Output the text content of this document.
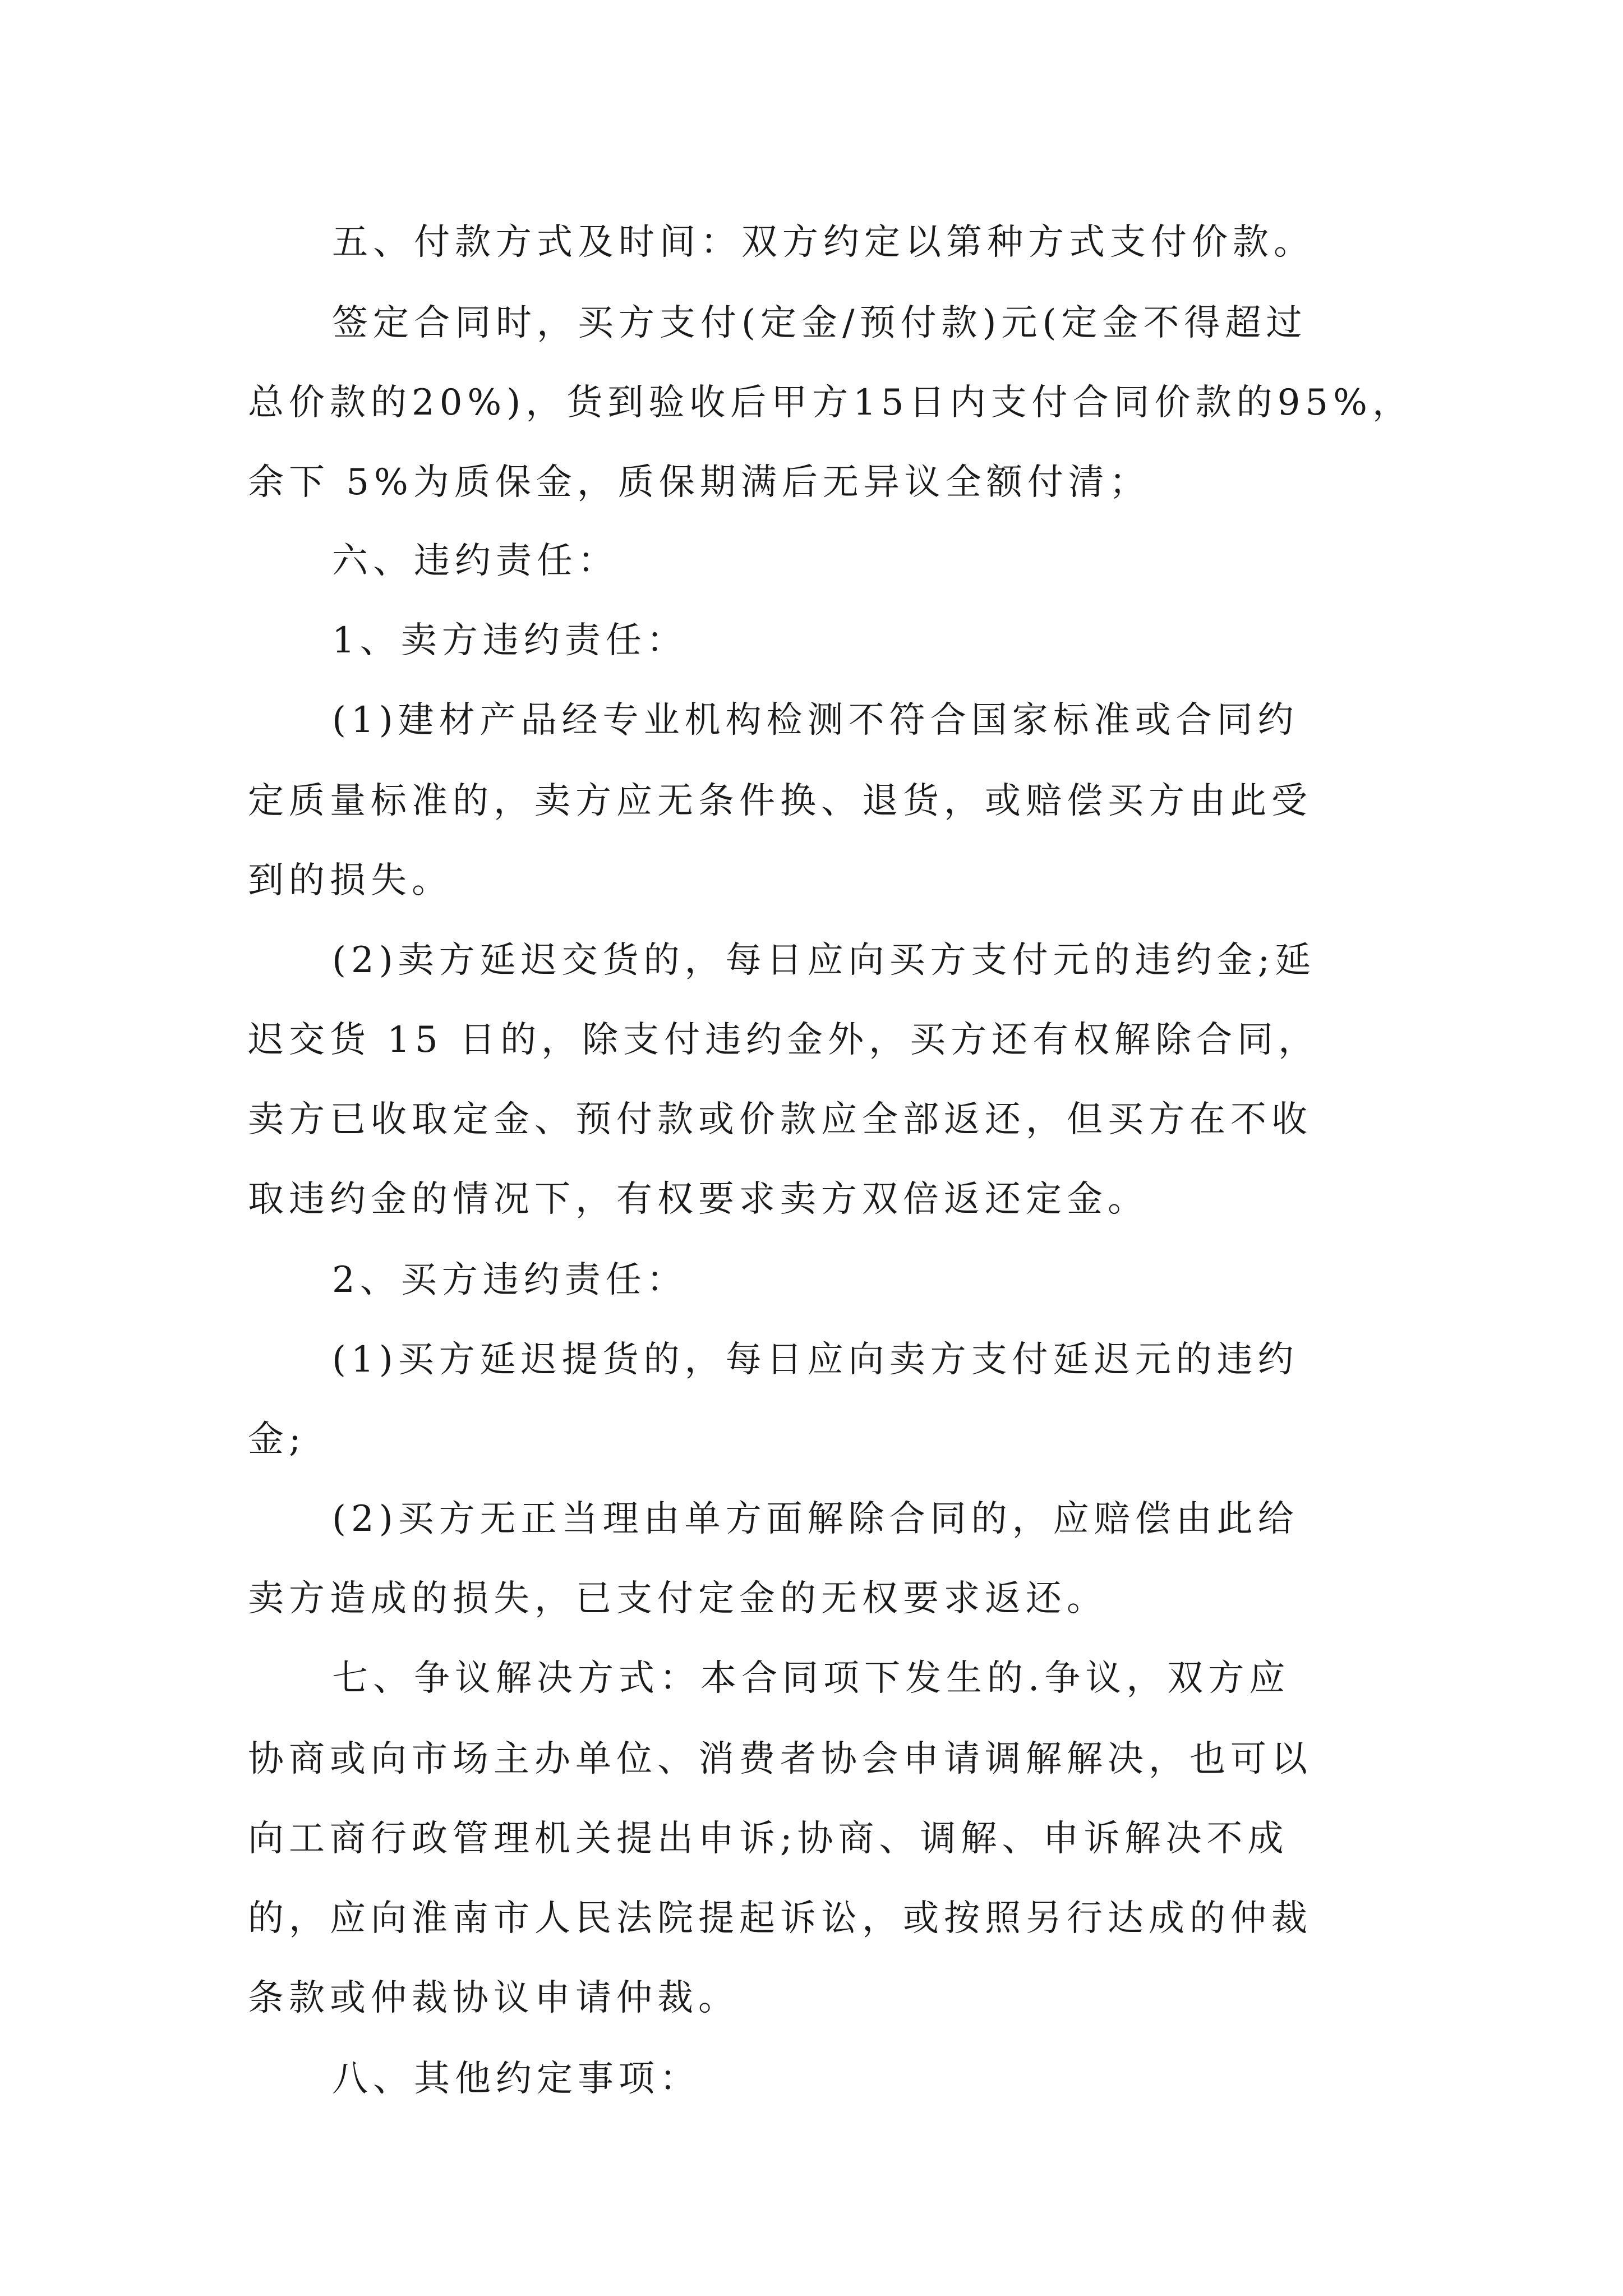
五、付款方式及时间：双方约定以第种方式支付价款。
签定合同时，买方支付(定金/预付款)元(定金不得超过
总价款的20%)，货到验收后甲方15日内支付合同价款的95%，
余下 5%为质保金，质保期满后无异议全额付清；
六、违约责任：
1、卖方违约责任：
(1)建材产品经专业机构检测不符合国家标准或合同约
定质量标准的，卖方应无条件换、退货，或赔偿买方由此受
到的损失。
(2)卖方延迟交货的，每日应向买方支付元的违约金;延
迟交货 15 日的，除支付违约金外，买方还有权解除合同，
卖方已收取定金、预付款或价款应全部返还，但买方在不收
取违约金的情况下，有权要求卖方双倍返还定金。
2、买方违约责任：
(1)买方延迟提货的，每日应向卖方支付延迟元的违约
金;
(2)买方无正当理由单方面解除合同的，应赔偿由此给
卖方造成的损失，已支付定金的无权要求返还。
七、争议解决方式：本合同项下发生的.争议，双方应
协商或向市场主办单位、消费者协会申请调解解决，也可以
向工商行政管理机关提出申诉;协商、调解、申诉解决不成
的，应向淮南市人民法院提起诉讼，或按照另行达成的仲裁
条款或仲裁协议申请仲裁。
八、其他约定事项：
